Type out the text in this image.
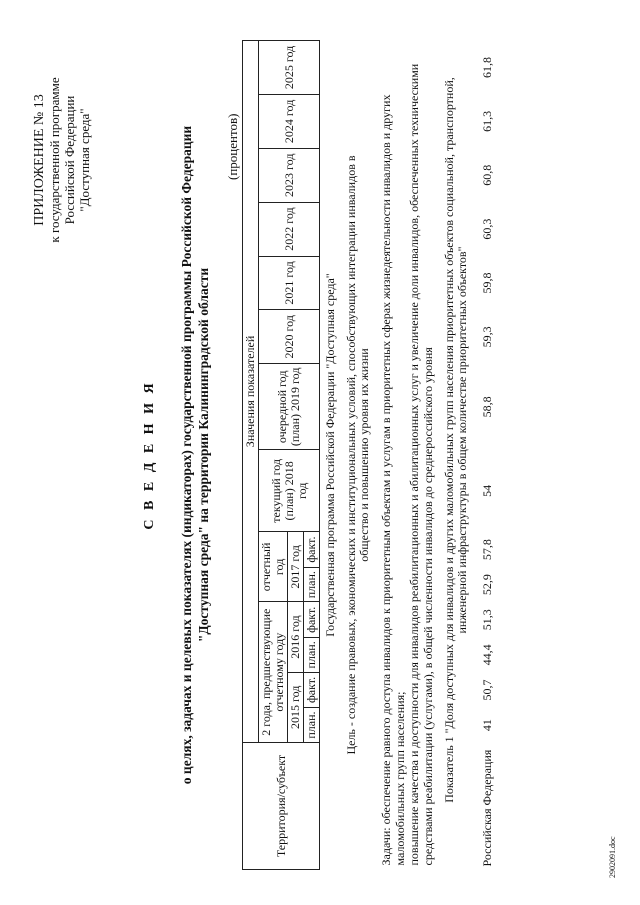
ПРИЛОЖЕНИЕ № 13 к государственной программе Российской Федерации "Доступная среда"
С В Е Д Е Н И Я о целях, задачах и целевых показателях (индикаторах) государственной программы Российской Федерации "Доступная среда" на территории Калининградской области
(процентов)
Территория/субъект	Значения показателей													
	2 года, предшествующие отчетному году				отчетный год		текущий год (план) 2018 год	очередной год (план) 2019 год	2020 год	2021 год	2022 год	2023 год	2024 год	2025 год
	2015 год		2016 год		2017 год									
	план.	факт.	план.	факт.	план.	факт.								
Государственная программа Российской Федерации "Доступная среда"														
Цель - создание правовых, экономических и институциональных условий, способствующих интеграции инвалидов в общество и повышению уровня их жизни														

Задачи: обеспечение равного доступа инвалидов к приоритетным объектам и услугам в приоритетных сферах жизнедеятельности инвалидов и других маломобильных групп населения; повышение качества и доступности для инвалидов реабилитационных и абилитационных услуг и увеличение доли инвалидов, обеспеченных техническими средствами реабилитации (услугами), в общей численности инвалидов до среднероссийского уровня														

Показатель 1 "Доля доступных для инвалидов и других маломобильных групп населения приоритетных объектов социальной, транспортной, инженерной инфраструктуры в общем количестве приоритетных объектов"														
Российская Федерация	41	50,7	44,4	51,3	52,9	57,8	54	58,8	59,3	59,8	60,3	60,8	61,3	61,8
2902091.doc
